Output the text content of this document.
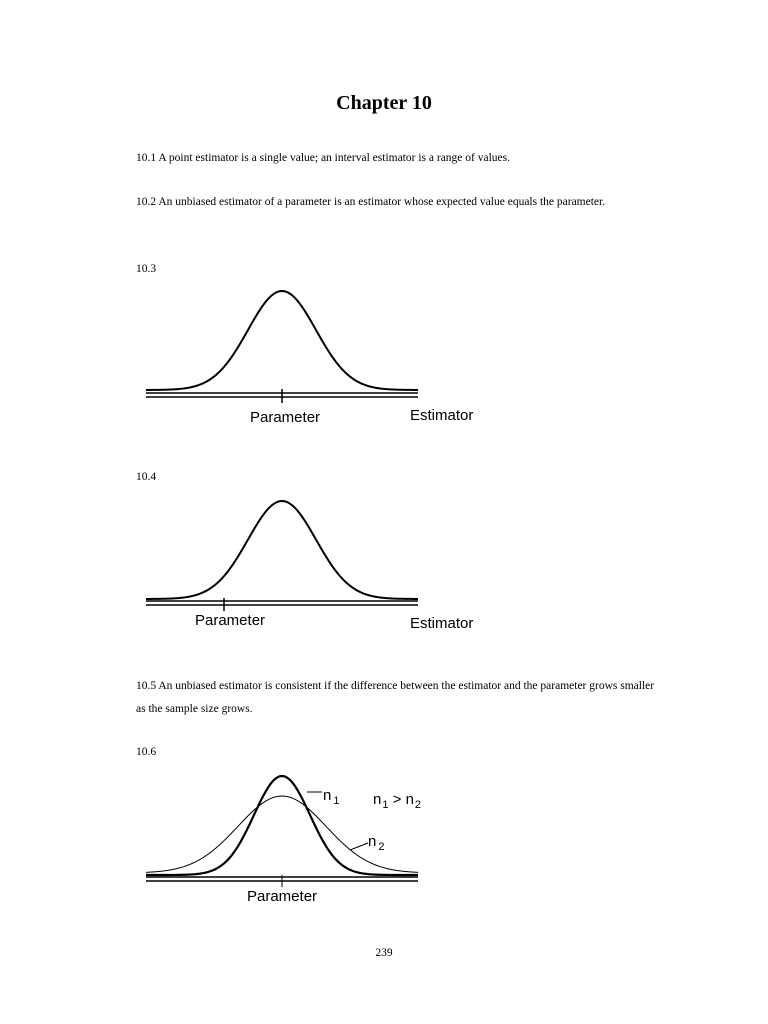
Chapter 10
10.1 A point estimator is a single value; an interval estimator is a range of values.
10.2 An unbiased estimator of a parameter is an estimator whose expected value equals the parameter.
10.3
Parameter	Estimator
10.4
Parameter	Estimator
10.5 An unbiased estimator is consistent if the difference between the estimator and the parameter grows smaller as the sample size grows.
10.6
Parameter
n $_1$ $n_1 > n_2$
n $_2$
239
